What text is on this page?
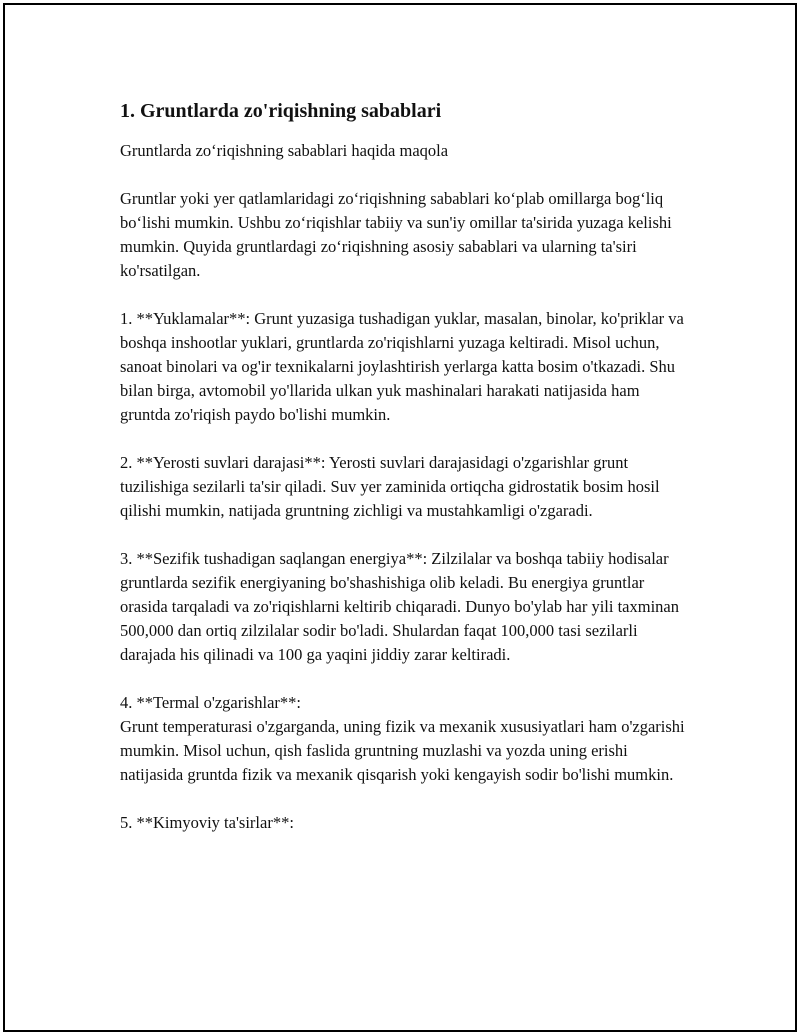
1. Gruntlarda zo'riqishning sabablari

Gruntlarda zo‘riqishning sabablari haqida maqola

Gruntlar yoki yer qatlamlaridagi zo‘riqishning sabablari ko‘plab omillarga bog‘liq bo‘lishi mumkin. Ushbu zo‘riqishlar tabiiy va sun'iy omillar ta'sirida yuzaga kelishi mumkin. Quyida gruntlardagi zo‘riqishning asosiy sabablari va ularning ta'siri ko'rsatilgan.

1. **Yuklamalar**: Grunt yuzasiga tushadigan yuklar, masalan, binolar, ko'priklar va boshqa inshootlar yuklari, gruntlarda zo'riqishlarni yuzaga keltiradi. Misol uchun, sanoat binolari va og'ir texnikalarni joylashtirish yerlarga katta bosim o'tkazadi. Shu bilan birga, avtomobil yo'llarida ulkan yuk mashinalari harakati natijasida ham gruntda zo'riqish paydo bo'lishi mumkin.

2. **Yerosti suvlari darajasi**: Yerosti suvlari darajasidagi o'zgarishlar grunt tuzilishiga sezilarli ta'sir qiladi. Suv yer zaminida ortiqcha gidrostatik bosim hosil qilishi mumkin, natijada gruntning zichligi va mustahkamligi o'zgaradi.

3. **Sezifik tushadigan saqlangan energiya**: Zilzilalar va boshqa tabiiy hodisalar gruntlarda sezifik energiyaning bo'shashishiga olib keladi. Bu energiya gruntlar orasida tarqaladi va zo'riqishlarni keltirib chiqaradi. Dunyo bo'ylab har yili taxminan 500,000 dan ortiq zilzilalar sodir bo'ladi. Shulardan faqat 100,000 tasi sezilarli darajada his qilinadi va 100 ga yaqini jiddiy zarar keltiradi.

4. **Termal o'zgarishlar**:
Grunt temperaturasi o'zgarganda, uning fizik va mexanik xususiyatlari ham o'zgarishi mumkin. Misol uchun, qish faslida gruntning muzlashi va yozda uning erishi natijasida gruntda fizik va mexanik qisqarish yoki kengayish sodir bo'lishi mumkin.

5. **Kimyoviy ta'sirlar**:
